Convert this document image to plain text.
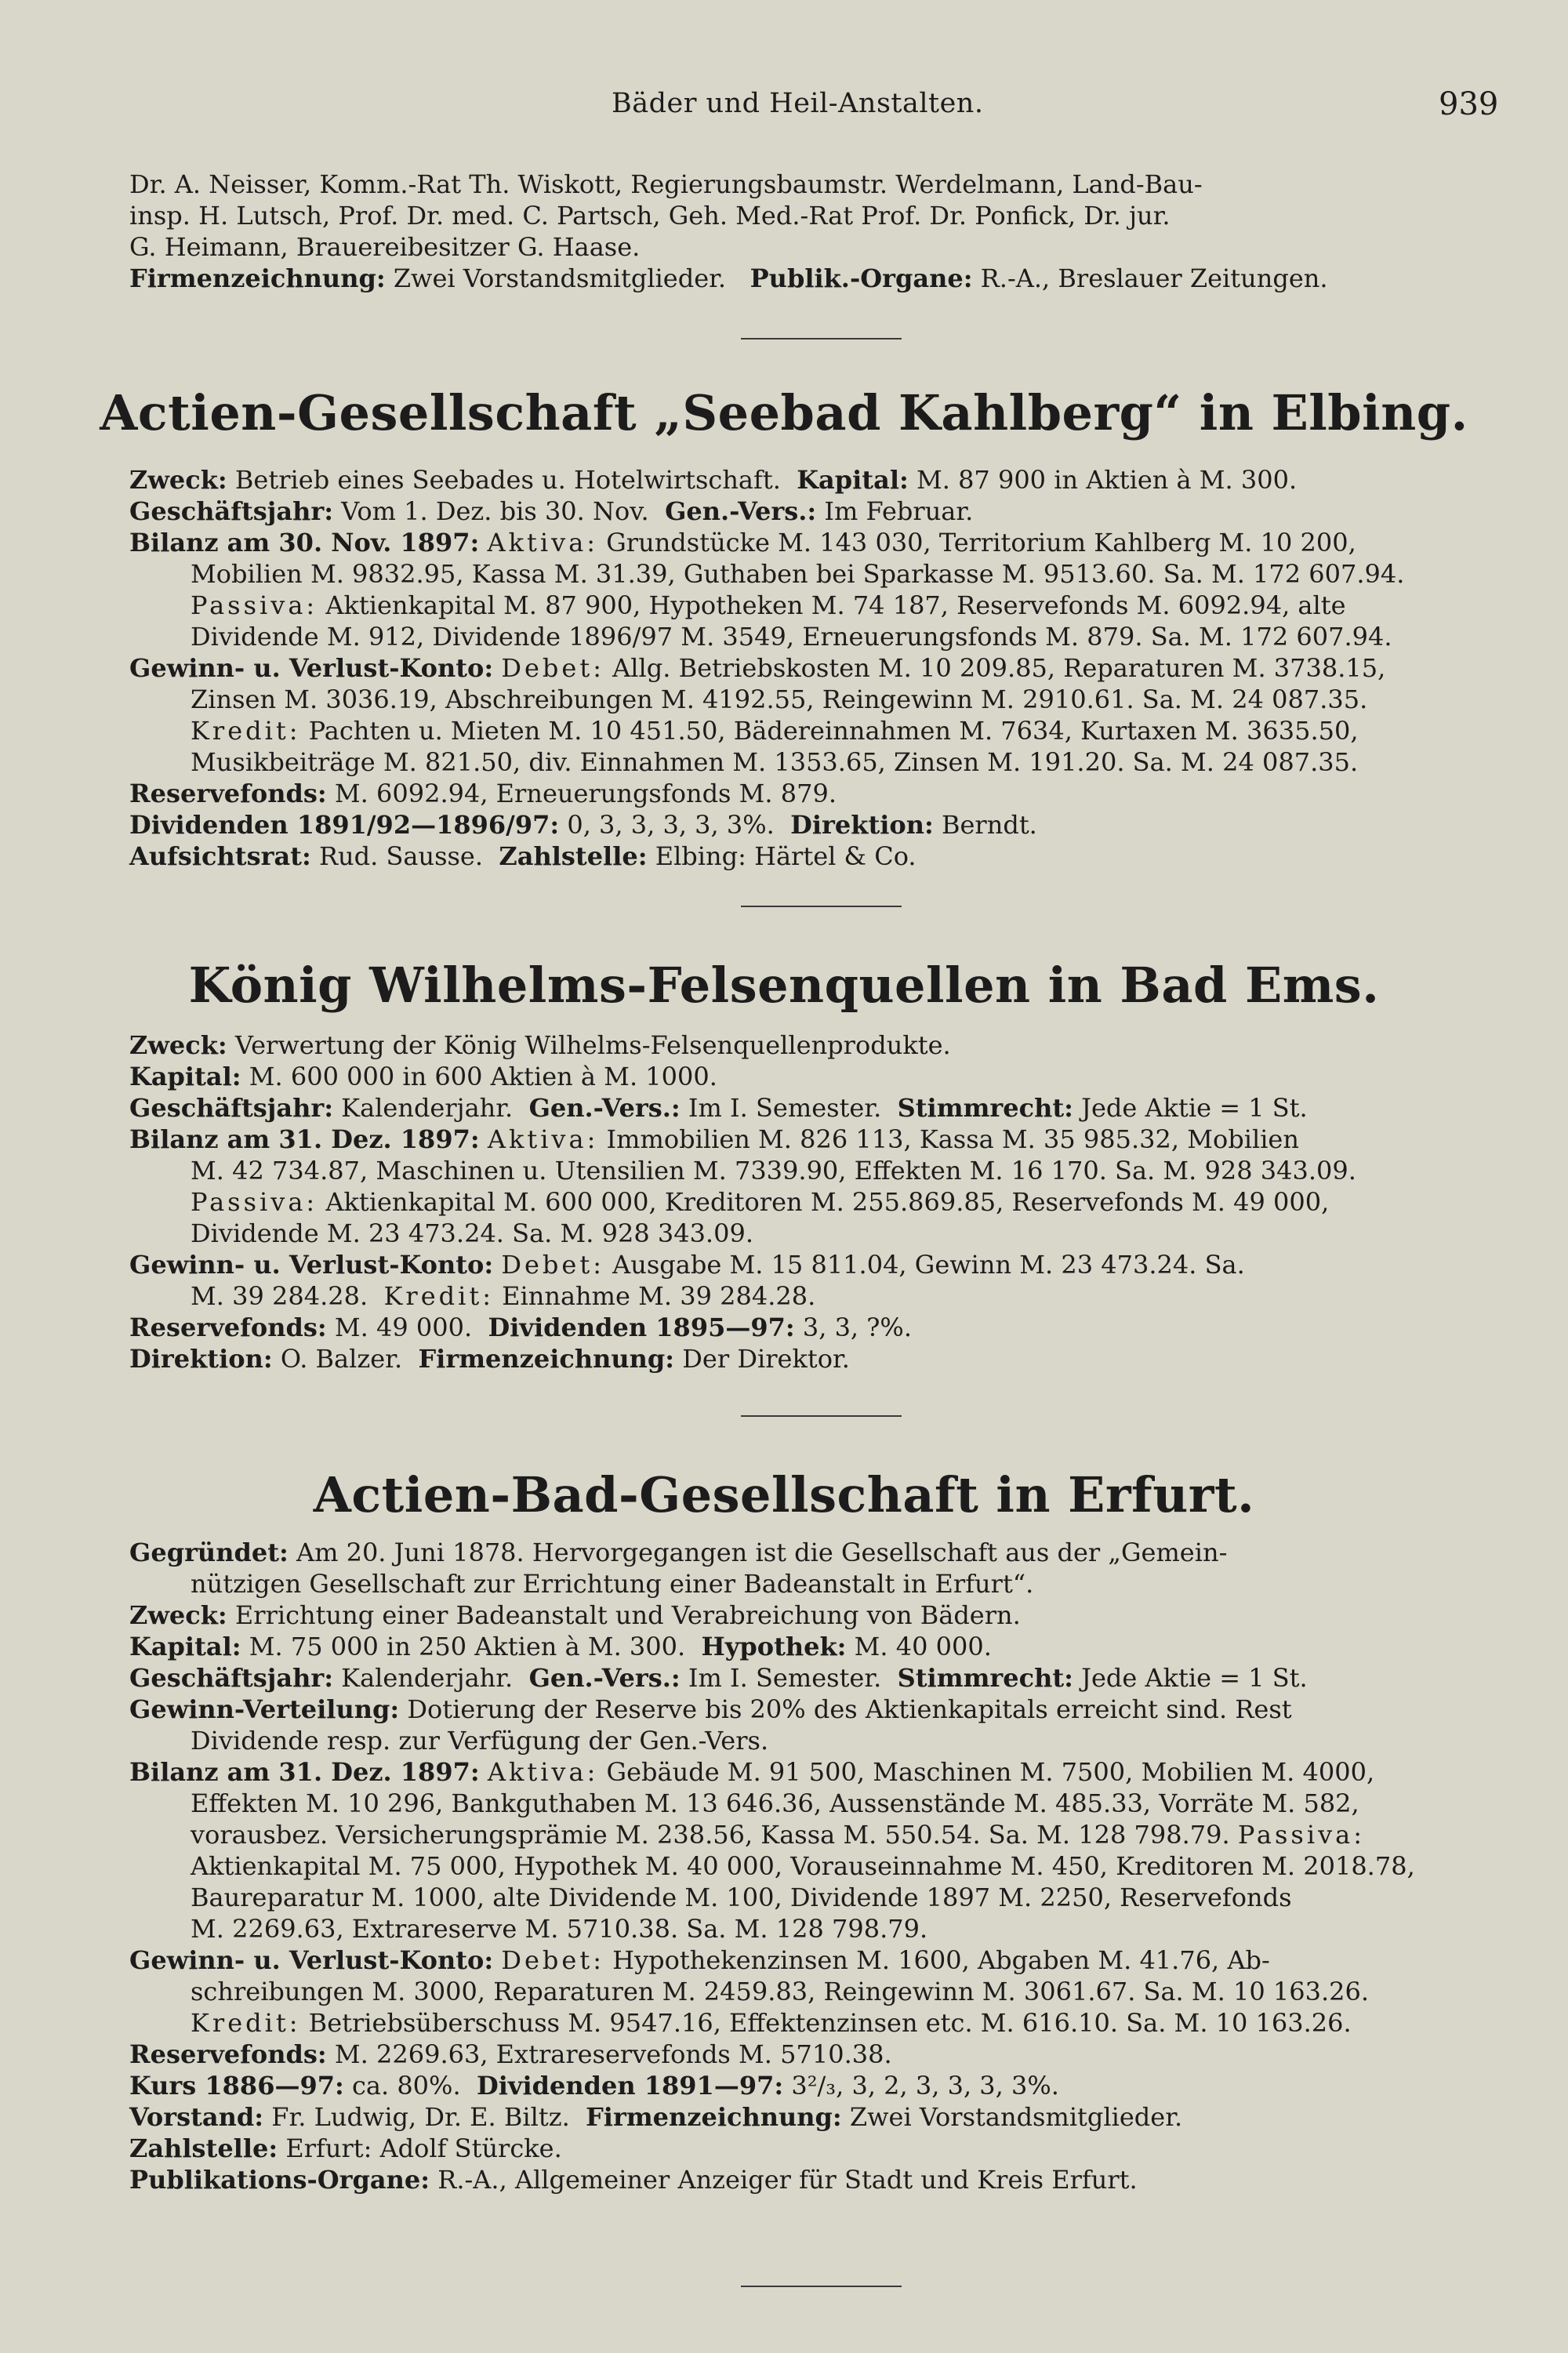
Bäder und Heil-Anstalten.	939

Dr. A. Neisser, Komm.-Rat Th. Wiskott, Regierungsbaumstr. Werdelmann, Land-Bau-

insp. H. Lutsch, Prof. Dr. med. C. Partsch, Geh. Med.-Rat Prof. Dr. Ponfick, Dr. jur.

G. Heimann, Brauereibesitzer G. Haase.

Firmenzeichnung: Zwei Vorstandsmitglieder. Publik.-Organe: R.-A., Breslauer Zeitungen.

Actien-Gesellschaft „Seebad Kahlberg“ in Elbing.

Zweck: Betrieb eines Seebades u. Hotelwirtschaft. Kapital: M. 87 900 in Aktien à M. 300.

Geschäftsjahr: Vom 1. Dez. bis 30. Nov. Gen.-Vers.: Im Februar.

Bilanz am 30. Nov. 1897: Aktiva: Grundstücke M. 143 030, Territorium Kahlberg M. 10 200,

Mobilien M. 9832.95, Kassa M. 31.39, Guthaben bei Sparkasse M. 9513.60. Sa. M. 172 607.94.

Passiva: Aktienkapital M. 87 900, Hypotheken M. 74 187, Reservefonds M. 6092.94, alte

Dividende M. 912, Dividende 1896/97 M. 3549, Erneuerungsfonds M. 879. Sa. M. 172 607.94.

Gewinn- u. Verlust-Konto: Debet: Allg. Betriebskosten M. 10 209.85, Reparaturen M. 3738.15,

Zinsen M. 3036.19, Abschreibungen M. 4192.55, Reingewinn M. 2910.61. Sa. M. 24 087.35.

Kredit: Pachten u. Mieten M. 10 451.50, Bädereinnahmen M. 7634, Kurtaxen M. 3635.50,

Musikbeiträge M. 821.50, div. Einnahmen M. 1353.65, Zinsen M. 191.20. Sa. M. 24 087.35.

Reservefonds: M. 6092.94, Erneuerungsfonds M. 879.

Dividenden 1891/92—1896/97: 0, 3, 3, 3, 3, 3%. Direktion: Berndt.

Aufsichtsrat: Rud. Sausse. Zahlstelle: Elbing: Härtel & Co.

König Wilhelms-Felsenquellen in Bad Ems.

Zweck: Verwertung der König Wilhelms-Felsenquellenprodukte.

Kapital: M. 600 000 in 600 Aktien à M. 1000.

Geschäftsjahr: Kalenderjahr. Gen.-Vers.: Im I. Semester. Stimmrecht: Jede Aktie = 1 St.

Bilanz am 31. Dez. 1897: Aktiva: Immobilien M. 826 113, Kassa M. 35 985.32, Mobilien

M. 42 734.87, Maschinen u. Utensilien M. 7339.90, Effekten M. 16 170. Sa. M. 928 343.09.

Passiva: Aktienkapital M. 600 000, Kreditoren M. 255.869.85, Reservefonds M. 49 000,

Dividende M. 23 473.24. Sa. M. 928 343.09.

Gewinn- u. Verlust-Konto: Debet: Ausgabe M. 15 811.04, Gewinn M. 23 473.24. Sa.

M. 39 284.28. Kredit: Einnahme M. 39 284.28.

Reservefonds: M. 49 000. Dividenden 1895—97: 3, 3, ?%.

Direktion: O. Balzer. Firmenzeichnung: Der Direktor.

Actien-Bad-Gesellschaft in Erfurt.

Gegründet: Am 20. Juni 1878. Hervorgegangen ist die Gesellschaft aus der „Gemein-

nützigen Gesellschaft zur Errichtung einer Badeanstalt in Erfurt“.

Zweck: Errichtung einer Badeanstalt und Verabreichung von Bädern.

Kapital: M. 75 000 in 250 Aktien à M. 300. Hypothek: M. 40 000.

Geschäftsjahr: Kalenderjahr. Gen.-Vers.: Im I. Semester. Stimmrecht: Jede Aktie = 1 St.

Gewinn-Verteilung: Dotierung der Reserve bis 20% des Aktienkapitals erreicht sind. Rest

Dividende resp. zur Verfügung der Gen.-Vers.

Bilanz am 31. Dez. 1897: Aktiva: Gebäude M. 91 500, Maschinen M. 7500, Mobilien M. 4000,

Effekten M. 10 296, Bankguthaben M. 13 646.36, Aussenstände M. 485.33, Vorräte M. 582,

vorausbez. Versicherungsprämie M. 238.56, Kassa M. 550.54. Sa. M. 128 798.79. Passiva:

Aktienkapital M. 75 000, Hypothek M. 40 000, Vorauseinnahme M. 450, Kreditoren M. 2018.78,

Baureparatur M. 1000, alte Dividende M. 100, Dividende 1897 M. 2250, Reservefonds

M. 2269.63, Extrareserve M. 5710.38. Sa. M. 128 798.79.

Gewinn- u. Verlust-Konto: Debet: Hypothekenzinsen M. 1600, Abgaben M. 41.76, Ab-

schreibungen M. 3000, Reparaturen M. 2459.83, Reingewinn M. 3061.67. Sa. M. 10 163.26.

Kredit: Betriebsüberschuss M. 9547.16, Effektenzinsen etc. M. 616.10. Sa. M. 10 163.26.

Reservefonds: M. 2269.63, Extrareservefonds M. 5710.38.

Kurs 1886—97: ca. 80%. Dividenden 1891—97: 3²/₃, 3, 2, 3, 3, 3, 3%.

Vorstand: Fr. Ludwig, Dr. E. Biltz. Firmenzeichnung: Zwei Vorstandsmitglieder.

Zahlstelle: Erfurt: Adolf Stürcke.

Publikations-Organe: R.-A., Allgemeiner Anzeiger für Stadt und Kreis Erfurt.
